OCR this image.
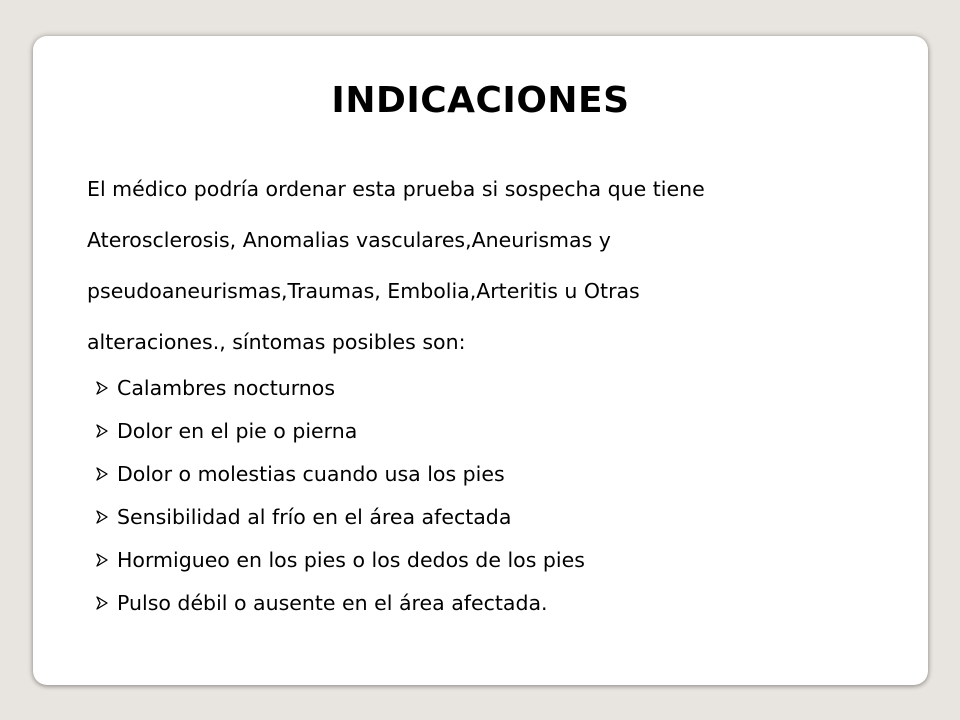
INDICACIONES
El médico podría ordenar esta prueba si sospecha que tiene
Aterosclerosis, Anomalias vasculares,Aneurismas y
pseudoaneurismas,Traumas, Embolia,Arteritis u Otras
alteraciones., síntomas posibles son:
Calambres nocturnos
Dolor en el pie o pierna
Dolor o molestias cuando usa los pies
Sensibilidad al frío en el área afectada
Hormigueo en los pies o los dedos de los pies
Pulso débil o ausente en el área afectada.
